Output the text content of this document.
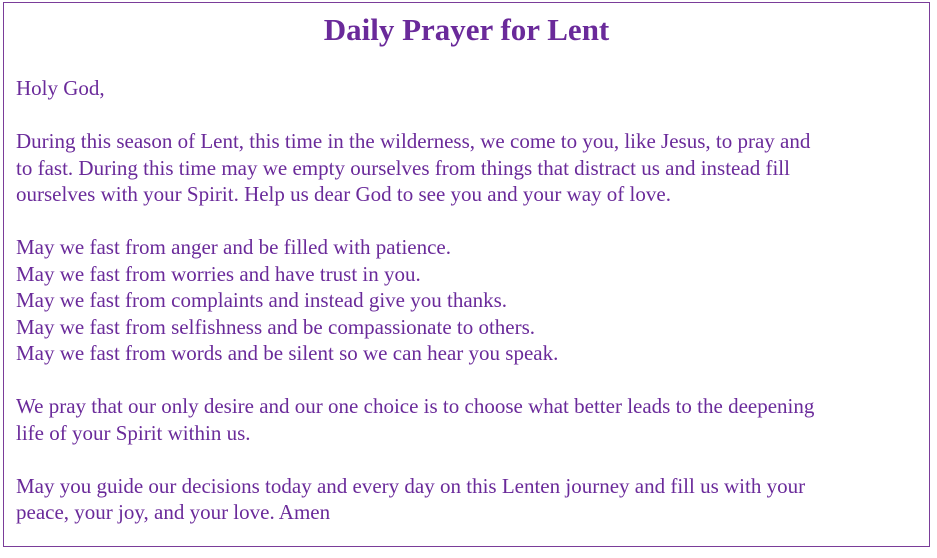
Daily Prayer for Lent

Holy God,

During this season of Lent, this time in the wilderness, we come to you, like Jesus, to pray and
to fast. During this time may we empty ourselves from things that distract us and instead fill
ourselves with your Spirit. Help us dear God to see you and your way of love.

May we fast from anger and be filled with patience.
May we fast from worries and have trust in you.
May we fast from complaints and instead give you thanks.
May we fast from selfishness and be compassionate to others.
May we fast from words and be silent so we can hear you speak.

We pray that our only desire and our one choice is to choose what better leads to the deepening
life of your Spirit within us.

May you guide our decisions today and every day on this Lenten journey and fill us with your
peace, your joy, and your love. Amen
